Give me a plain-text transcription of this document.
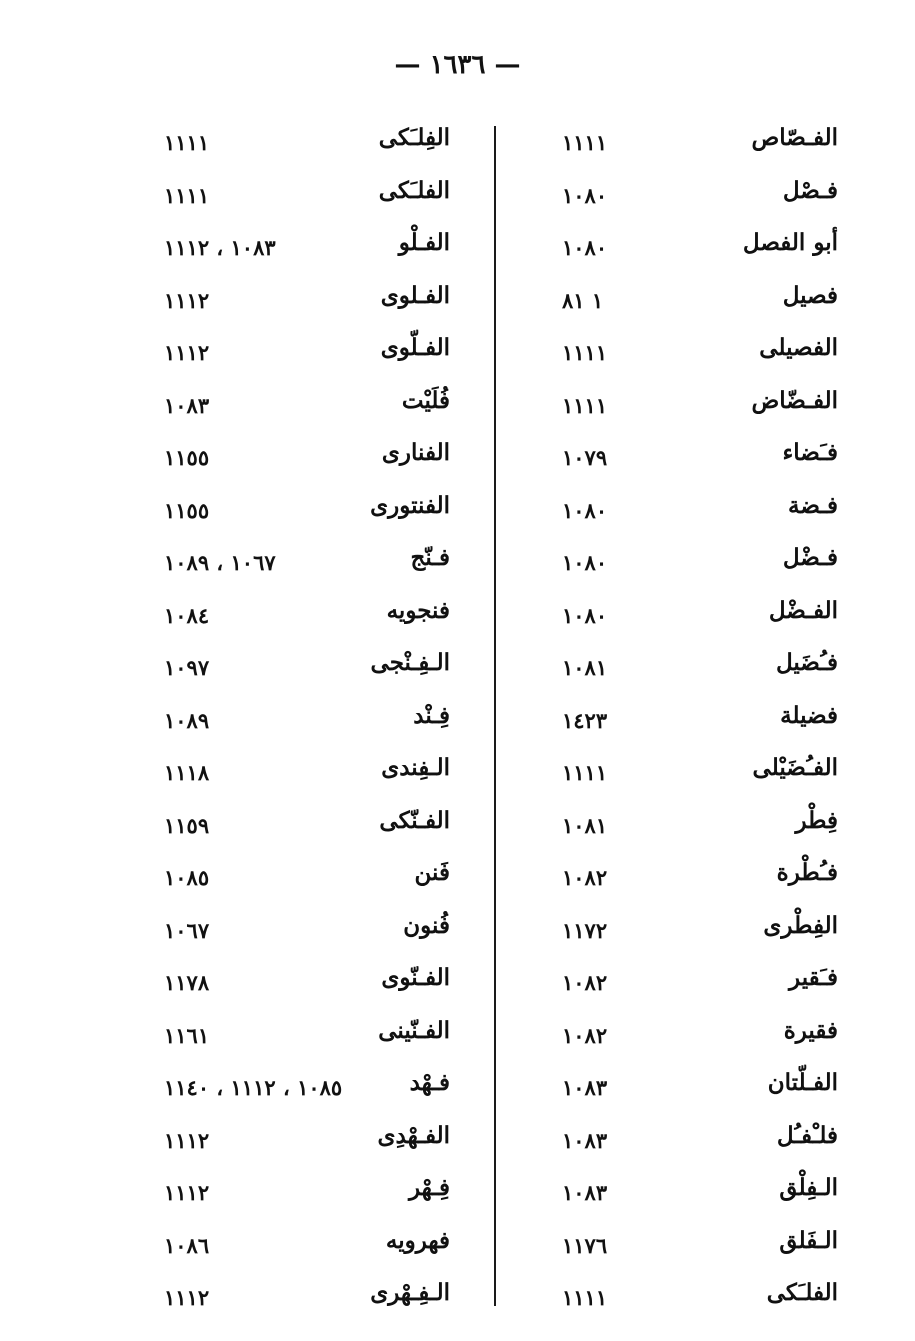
— ١٦٣٦ —
الفـصّاص
١١١١
فـصْل
١٠٨٠
أبو الفصل
١٠٨٠
فصيل
١ ٨١
الفصيلى
١١١١
الفـضّاض
١١١١
فـَضاء
١٠٧٩
فـضة
١٠٨٠
فـضْل
١٠٨٠
الفـضْل
١٠٨٠
فـُضَيل
١٠٨١
فضيلة
١٤٢٣
الفـُضَيْلى
١١١١
فِطْر
١٠٨١
فـُطْرة
١٠٨٢
الفِطْرى
١١٧٢
فـَقير
١٠٨٢
فقيرة
١٠٨٢
الفـلّتان
١٠٨٣
فلـْفـُل
١٠٨٣
الـفِلْق
١٠٨٣
الـفَلق
١١٧٦
الفلـَكى
١١١١
الفِلـَكى
١١١١
الفلـَكى
١١١١
الفـلْو
١٠٨٣ ، ١١١٢
الفـلوى
١١١٢
الفـلّوى
١١١٢
فُلَيْت
١٠٨٣
الفنارى
١١٥٥
الفنتورى
١١٥٥
فـنّج
١٠٦٧ ، ١٠٨٩
فنجويه
١٠٨٤
الـفِـنْجى
١٠٩٧
فِـنْد
١٠٨٩
الـفِندى
١١١٨
الفـنّكى
١١٥٩
فَنن
١٠٨٥
فُنون
١٠٦٧
الفـنّوى
١١٧٨
الفـنّينى
١١٦١
فـهْد
١٠٨٥ ، ١١١٢ ، ١١٤٠
الفـهْدِى
١١١٢
فِـهْر
١١١٢
فهرويه
١٠٨٦
الـفِـهْرى
١١١٢
